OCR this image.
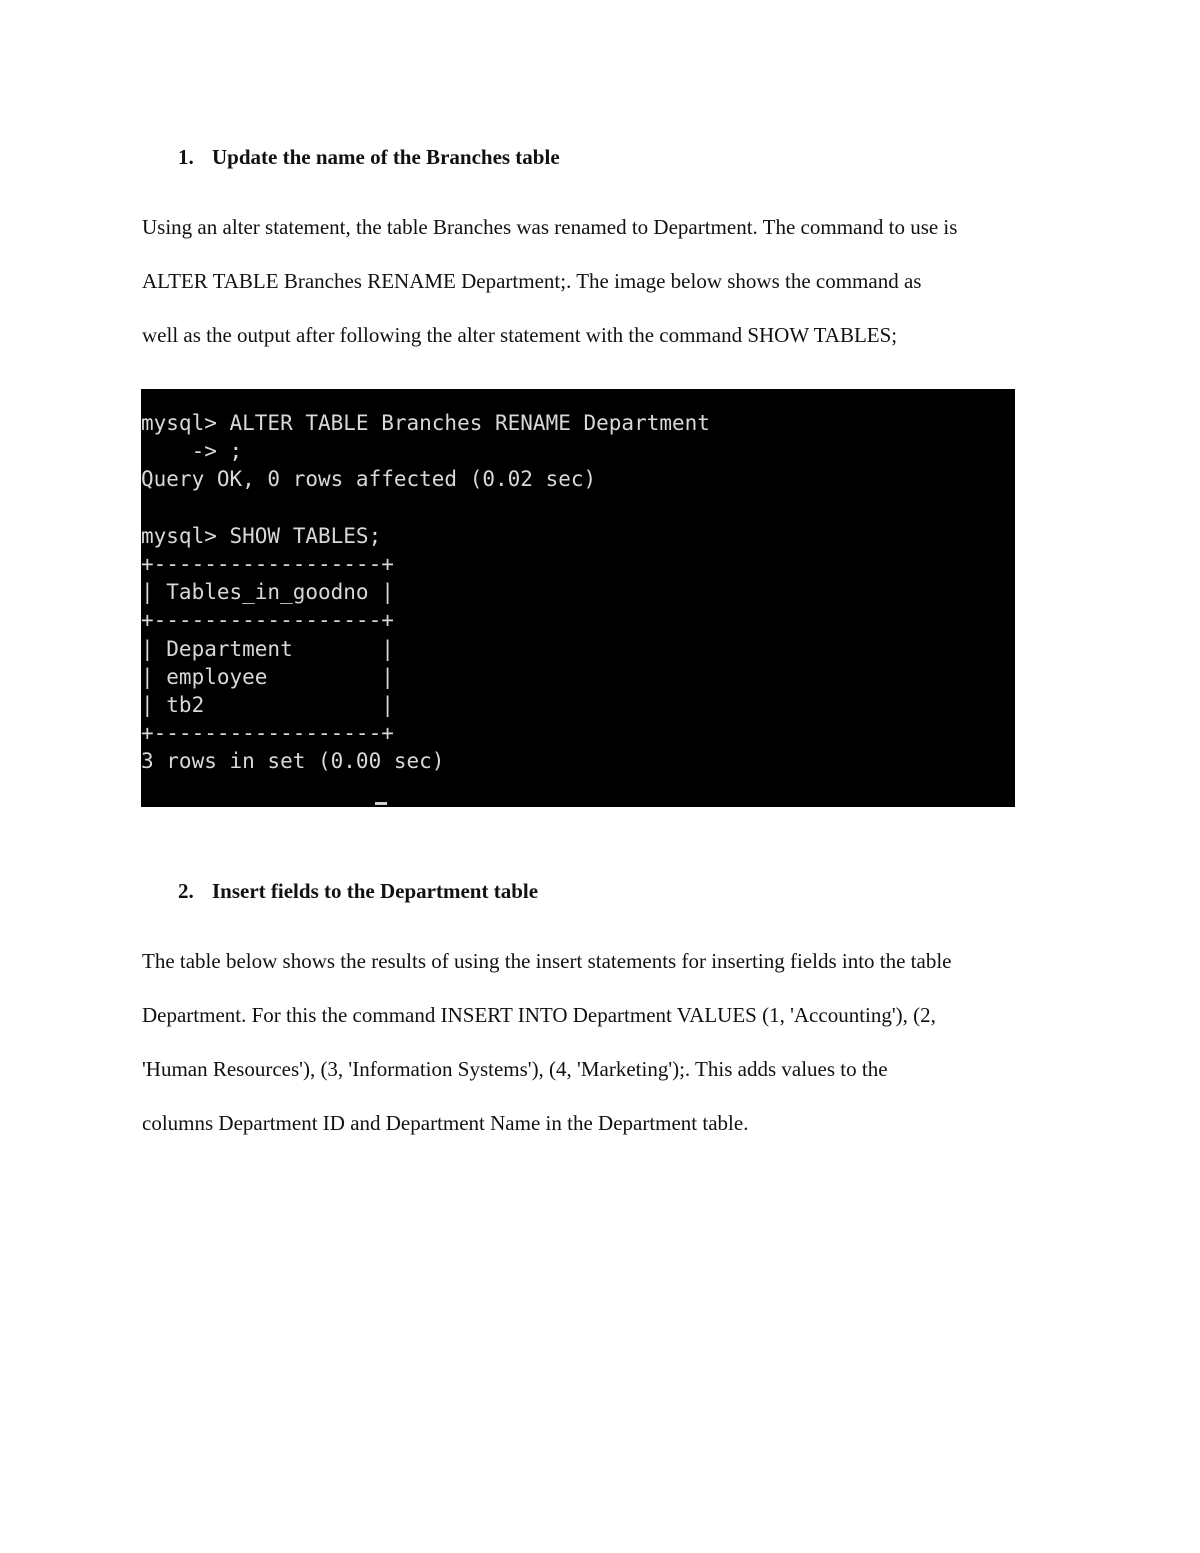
1. Update the name of the Branches table

Using an alter statement, the table Branches was renamed to Department. The command to use is
ALTER TABLE Branches RENAME Department;. The image below shows the command as
well as the output after following the alter statement with the command SHOW TABLES;

mysql> ALTER TABLE Branches RENAME Department
-> ;
Query OK, 0 rows affected (0.02 sec)
mysql> SHOW TABLES;
+------------------+
| Tables_in_goodno |
+------------------+
| Department       |
| employee         |
| tb2              |
+------------------+
3 rows in set (0.00 sec)
2. Insert fields to the Department table

The table below shows the results of using the insert statements for inserting fields into the table
Department. For this the command INSERT INTO Department VALUES (1, 'Accounting'), (2,
'Human Resources'), (3, 'Information Systems'), (4, 'Marketing');. This adds values to the
columns Department ID and Department Name in the Department table.
